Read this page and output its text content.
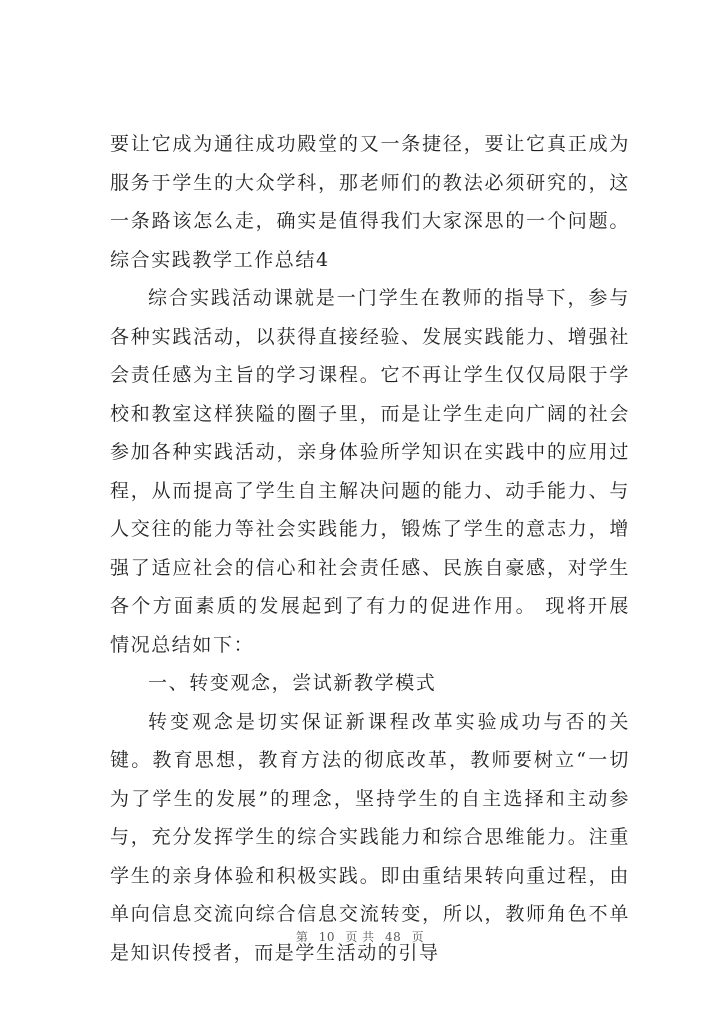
要让它成为通往成功殿堂的又一条捷径，要让它真正成为服务于学生的大众学科，那老师们的教法必须研究的，这一条路该怎么走，确实是值得我们大家深思的一个问题。 综合实践教学工作总结4

综合实践活动课就是一门学生在教师的指导下，参与各种实践活动，以获得直接经验、发展实践能力、增强社会责任感为主旨的学习课程。它不再让学生仅仅局限于学校和教室这样狭隘的圈子里，而是让学生走向广阔的社会参加各种实践活动，亲身体验所学知识在实践中的应用过程，从而提高了学生自主解决问题的能力、动手能力、与人交往的能力等社会实践能力，锻炼了学生的意志力，增强了适应社会的信心和社会责任感、民族自豪感，对学生各个方面素质的发展起到了有力的促进作用。 现将开展情况总结如下：

一、转变观念，尝试新教学模式

转变观念是切实保证新课程改革实验成功与否的关键。教育思想，教育方法的彻底改革，教师要树立“一切为了学生的发展”的理念，坚持学生的自主选择和主动参与，充分发挥学生的综合实践能力和综合思维能力。注重学生的亲身体验和积极实践。即由重结果转向重过程，由单向信息交流向综合信息交流转变，所以，教师角色不单是知识传授者，而是学生活动的引导

第 10 页 共 48 页
